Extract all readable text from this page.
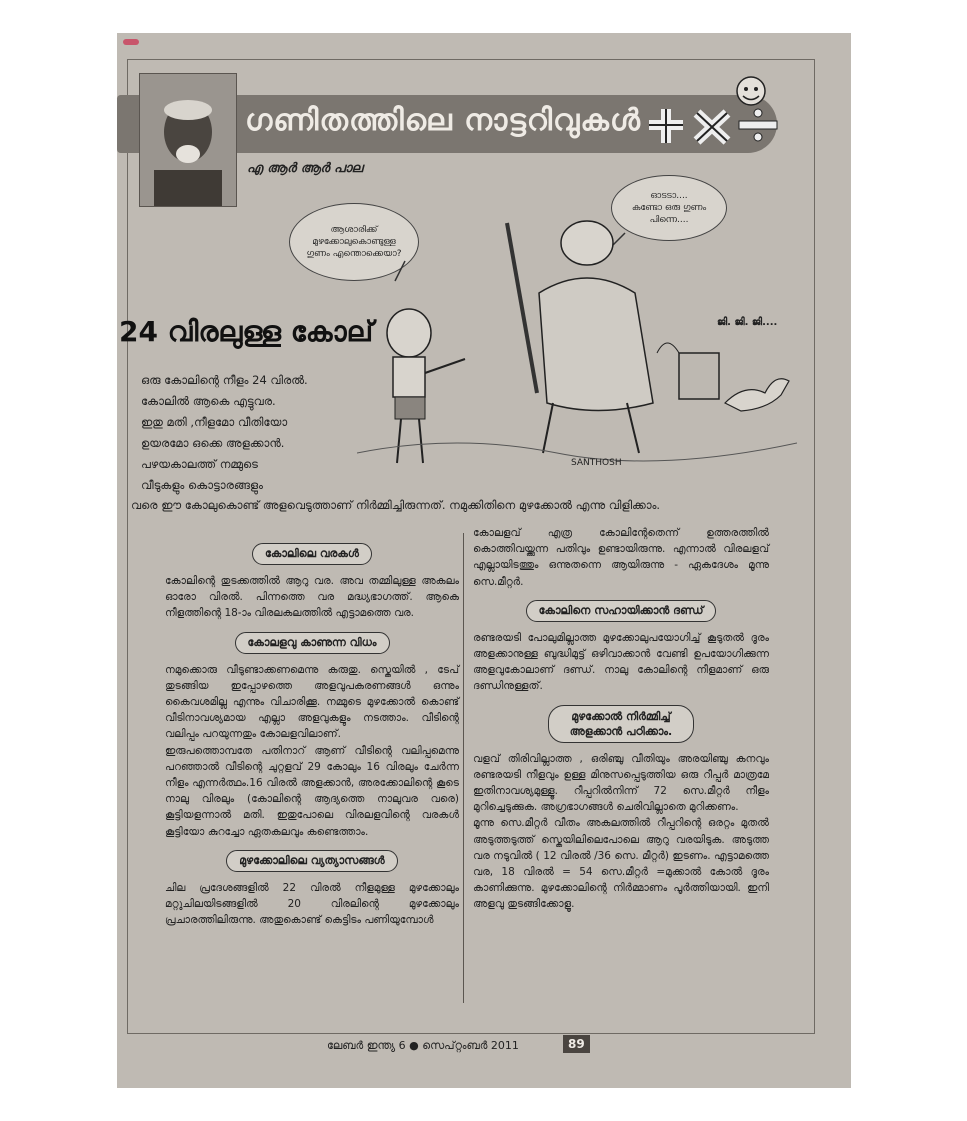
ഗണിതത്തിലെ നാട്ടറിവുകൾ
എ ആർ ആർ പാല
ആശാരിക്ക്
മുഴക്കോലുകൊണ്ടുള്ള
ഗുണം എന്തൊക്കെയാ?
ഓടടാ....
കണ്ടോ ഒരു ഗുണം
പിന്നെ....
SANTHOSH
ജി. ജി. ജി....
24 വിരലുള്ള കോല്
ഒരു കോലിന്റെ നീളം 24 വിരൽ.
കോലിൽ ആകെ എട്ടുവര.
ഇതു മതി ,നീളമോ വീതിയോ
ഉയരമോ ഒക്കെ അളക്കാൻ.
പഴയകാലത്ത് നമ്മുടെ
വീടുകളും കൊട്ടാരങ്ങളും
വരെ ഈ കോലുകൊണ്ട് അളവെടുത്താണ് നിർമ്മിച്ചിരുന്നത്. നമുക്കിതിനെ മുഴക്കോൽ എന്നു വിളിക്കാം.
കോലിലെ വരകൾ

കോലിന്റെ തുടക്കത്തിൽ ആറു വര. അവ തമ്മിലുള്ള അകലം ഓരോ വിരൽ. പിന്നത്തെ വര മദ്ധ്യഭാഗത്ത്. ആകെ നീളത്തിന്റെ 18-ാം വിരലകലത്തിൽ എട്ടാമത്തെ വര.

കോലളവു കാണുന്ന വിധം

നമുക്കൊരു വീടുണ്ടാക്കണമെന്നു കരുതു. സ്കെയിൽ , ടേപ് തുടങ്ങിയ ഇപ്പോഴത്തെ അളവുപകരണങ്ങൾ ഒന്നും കൈവശമില്ല എന്നും വിചാരിക്കൂ. നമ്മുടെ മുഴക്കോൽ കൊണ്ട് വീടിനാവശ്യമായ എല്ലാ അളവുകളും നടത്താം. വീടിന്റെ വലിപ്പം പറയുന്നതും കോലളവിലാണ്.

ഇരുപത്തൊമ്പതേ പതിനാറ് ആണ് വീടിന്റെ വലിപ്പമെന്നു പറഞ്ഞാൽ വീടിന്റെ ചുറ്റളവ് 29 കോലും 16 വിരലും ചേർന്ന നീളം എന്നർത്ഥം.16 വിരൽ അളക്കാൻ, അരക്കോലിന്റെ കൂടെ നാലു വിരലും (കോലിന്റെ ആദ്യത്തെ നാലുവര വരെ) കൂട്ടിയളന്നാൽ മതി. ഇതുപോലെ വിരലളവിന്റെ വരകൾ കൂട്ടിയോ കുറച്ചോ ഏതകലവും കണ്ടെത്താം.

മുഴക്കോലിലെ വ്യത്യാസങ്ങൾ

ചില പ്രദേശങ്ങളിൽ 22 വിരൽ നീളമുള്ള മുഴക്കോലും മറ്റുചിലയിടങ്ങളിൽ 20 വിരലിന്റെ മുഴക്കോലും പ്രചാരത്തിലിരുന്നു. അതുകൊണ്ട് കെട്ടിടം പണിയുമ്പോൾ

കോലളവ് എത്ര കോലിന്റേതെന്ന് ഉത്തരത്തിൽ കൊത്തിവയ്ക്കുന്ന പതിവും ഉണ്ടായിരുന്നു. എന്നാൽ വിരലളവ് എല്ലായിടത്തും ഒന്നുതന്നെ ആയിരുന്നു - ഏകദേശം മൂന്നു സെ.മീറ്റർ.

കോലിനെ സഹായിക്കാൻ ദണ്ഡ്

രണ്ടരയടി പോലുമില്ലാത്ത മുഴക്കോലുപയോഗിച്ച് കൂടുതൽ ദൂരം അളക്കാനുള്ള ബുദ്ധിമുട്ട് ഒഴിവാക്കാൻ വേണ്ടി ഉപയോഗിക്കുന്ന അളവുകോലാണ് ദണ്ഡ്. നാലു കോലിന്റെ നീളമാണ് ഒരു ദണ്ഡിനുള്ളത്.

മുഴക്കോൽ നിർമ്മിച്ച് അളക്കാൻ പഠിക്കാം.

വളവ് തിരിവില്ലാത്ത , ഒരിഞ്ചു വീതിയും അരയിഞ്ചു കനവും രണ്ടരയടി നീളവും ഉള്ള മിനുസപ്പെടുത്തിയ ഒരു റീപ്പർ മാത്രമേ ഇതിനാവശ്യമുള്ളൂ. റീപ്പറിൽനിന്ന് 72 സെ.മീറ്റർ നീളം മുറിച്ചെടുക്കുക. അഗ്രഭാഗങ്ങൾ ചെരിവില്ലാതെ മുറിക്കണം.

മൂന്നു സെ.മീറ്റർ വീതം അകലത്തിൽ റീപ്പറിന്റെ ഒരറ്റം മുതൽ അടുത്തടുത്ത് സ്കെയിലിലെപോലെ ആറു വരയിടുക. അടുത്ത വര നടുവിൽ ( 12 വിരൽ /36 സെ. മീറ്റർ) ഇടണം. എട്ടാമത്തെ വര, 18 വിരൽ = 54 സെ.മീറ്റർ =മുക്കാൽ കോൽ ദൂരം കാണിക്കുന്നു. മുഴക്കോലിന്റെ നിർമ്മാണം പൂർത്തിയായി. ഇനി അളവു തുടങ്ങിക്കോളൂ.

ലേബർ ഇന്ത്യ 6 ● സെപ്റ്റംബർ 2011	89
